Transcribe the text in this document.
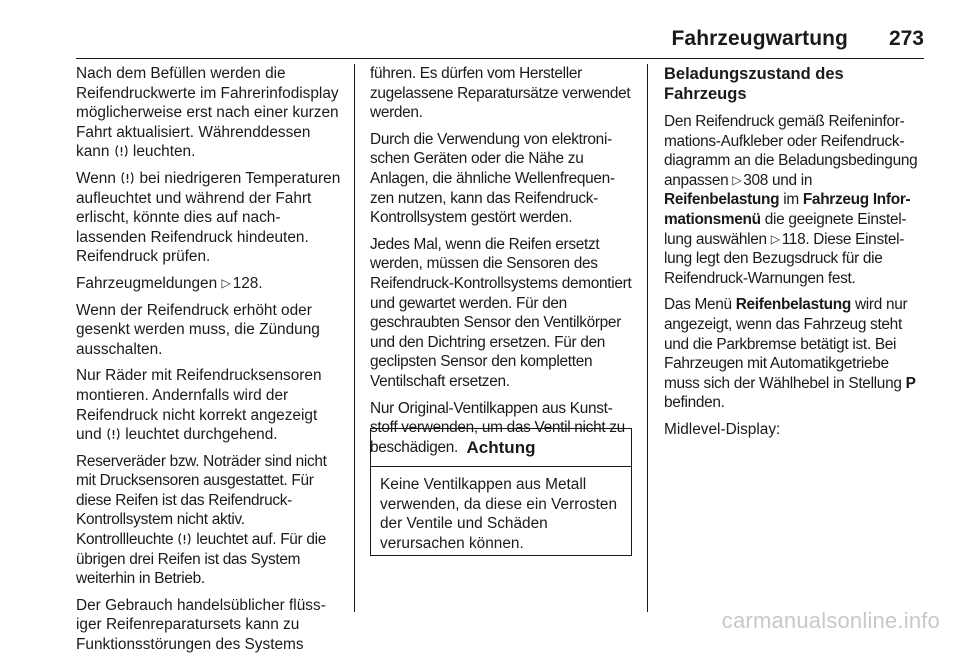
Fahrzeugwartung 273

Nach dem Befüllen werden die Reifendruckwerte im Fahrerinfodisplay möglicherweise erst nach einer kurzen Fahrt aktualisiert. Währenddessen kann
leuchten.

Wenn
bei niedrigeren Temperaturen aufleuchtet und während der Fahrt erlischt, könnte dies auf nachlassenden Reifendruck hindeuten. Reifendruck prüfen.

Fahrzeugmeldungen ▷ 128.

Wenn der Reifendruck erhöht oder gesenkt werden muss, die Zündung ausschalten.

Nur Räder mit Reifendrucksensoren montieren. Andernfalls wird der Reifendruck nicht korrekt angezeigt und
leuchtet durchgehend.

Reserveräder bzw. Noträder sind nicht mit Drucksensoren ausgestattet. Für diese Reifen ist das Reifendruck-Kontrollsystem nicht aktiv. Kontrollleuchte
leuchtet auf. Für die übrigen drei Reifen ist das System weiterhin in Betrieb.

Der Gebrauch handelsüblicher flüssiger Reifenreparatursets kann zu Funktionsstörungen des Systems

führen. Es dürfen vom Hersteller zugelassene Reparatursätze verwendet werden.

Durch die Verwendung von elektronischen Geräten oder die Nähe zu Anlagen, die ähnliche Wellenfrequenzen nutzen, kann das Reifendruck-Kontrollsystem gestört werden.

Jedes Mal, wenn die Reifen ersetzt werden, müssen die Sensoren des Reifendruck-Kontrollsystems demontiert und gewartet werden. Für den geschraubten Sensor den Ventilkörper und den Dichtring ersetzen. Für den geclipsten Sensor den kompletten Ventilschaft ersetzen.

Nur Original-Ventilkappen aus Kunststoff verwenden, um das Ventil nicht zu beschädigen. Achtung
Keine Ventilkappen aus Metall verwenden, da diese ein Verrosten der Ventile und Schäden verursachen können.
Beladungszustand des Fahrzeugs

Den Reifendruck gemäß Reifeninformations-Aufkleber oder Reifendruckdiagramm an die Beladungsbedingung anpassen ▷ 308 und in Reifenbelastung im Fahrzeug Informationsmenü die geeignete Einstellung auswählen ▷ 118. Diese Einstellung legt den Bezugsdruck für die Reifendruck-Warnungen fest.

Das Menü Reifenbelastung wird nur angezeigt, wenn das Fahrzeug steht und die Parkbremse betätigt ist. Bei Fahrzeugen mit Automatikgetriebe muss sich der Wählhebel in Stellung P befinden.

Midlevel-Display:

carmanualsonline.info
